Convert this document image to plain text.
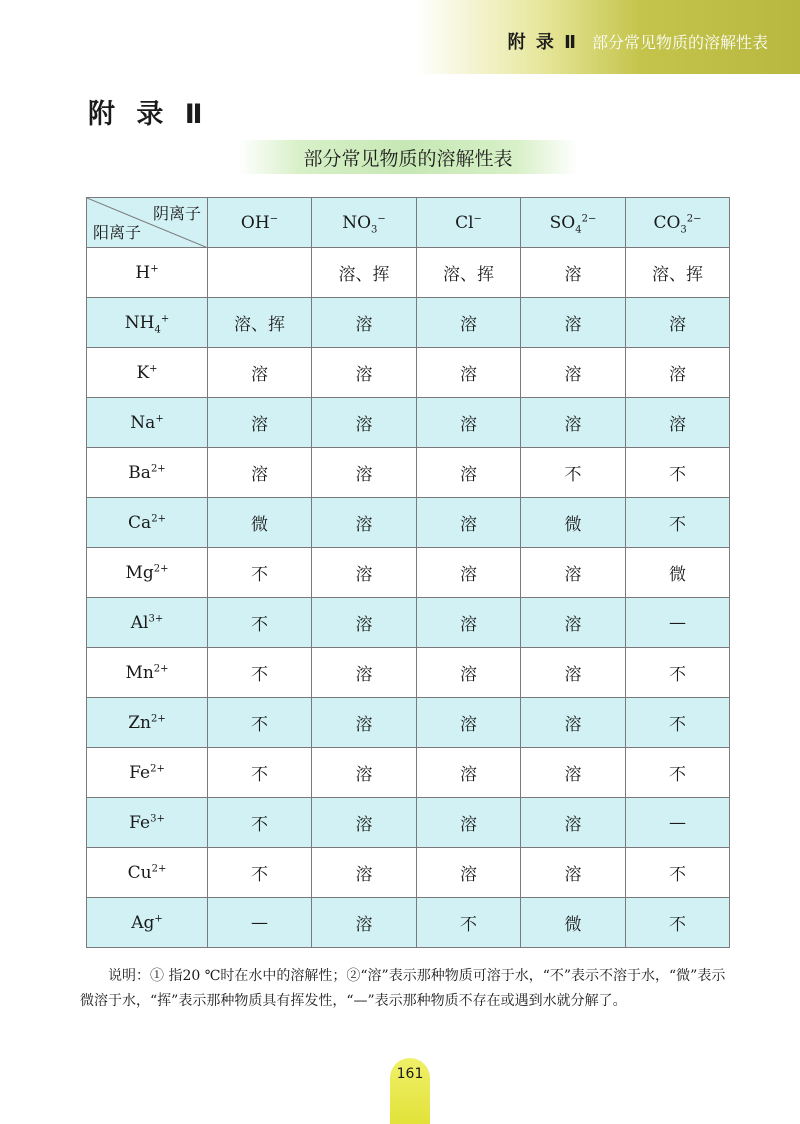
附 录 Ⅱ 部分常见物质的溶解性表
附 录 Ⅱ
部分常见物质的溶解性表
阴离子
阳离子	OH−	$NO_3^-$	Cl−	$SO_4^{2-}$	$CO_3^{2-}$
H+		溶、挥	溶、挥	溶	溶、挥
$NH_4^+$	溶、挥	溶	溶	溶	溶
K+	溶	溶	溶	溶	溶
Na+	溶	溶	溶	溶	溶
$Ba^{2+}$	溶	溶	溶	不	不
$Ca^{2+}$	微	溶	溶	微	不
$Mg^{2+}$	不	溶	溶	溶	微
$Al^{3+}$	不	溶	溶	溶	—
$Mn^{2+}$	不	溶	溶	溶	不
$Zn^{2+}$	不	溶	溶	溶	不
$Fe^{2+}$	不	溶	溶	溶	不
$Fe^{3+}$	不	溶	溶	溶	—
$Cu^{2+}$	不	溶	溶	溶	不
Ag+	—	溶	不	微	不
说明：① 指20 ℃时在水中的溶解性；②“溶”表示那种物质可溶于水，“不”表示不溶于水，“微”表示微溶于水，“挥”表示那种物质具有挥发性，“—”表示那种物质不存在或遇到水就分解了。
161
